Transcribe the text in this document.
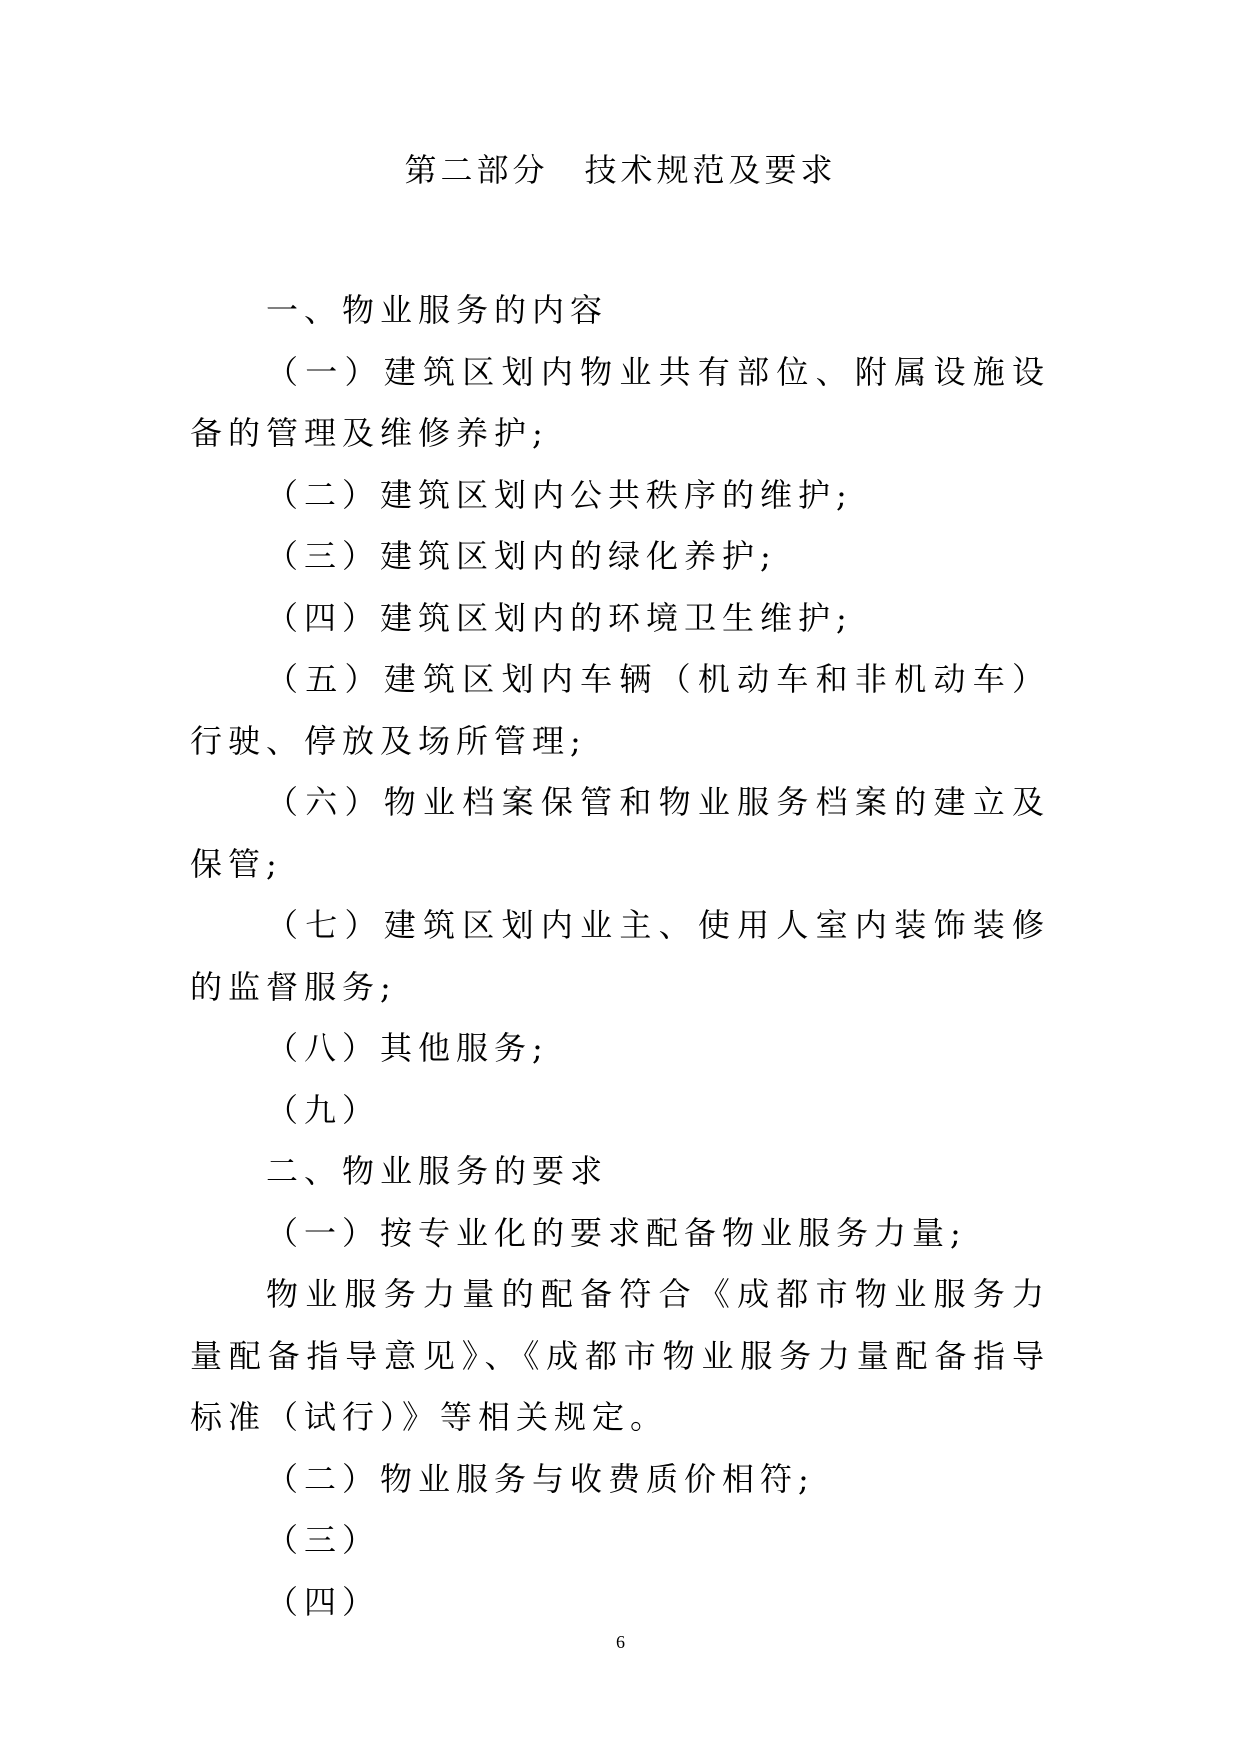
第二部分　技术规范及要求

一、物业服务的内容

（一）建筑区划内物业共有部位、附属设施设备的管理及维修养护;

（二）建筑区划内公共秩序的维护;

（三）建筑区划内的绿化养护;

（四）建筑区划内的环境卫生维护;

（五）建筑区划内车辆（机动车和非机动车）行驶、停放及场所管理;

（六）物业档案保管和物业服务档案的建立及保管;

（七）建筑区划内业主、使用人室内装饰装修的监督服务;

（八）其他服务;

（九）

二、物业服务的要求

（一）按专业化的要求配备物业服务力量;

物业服务力量的配备符合《成都市物业服务力量配备指导意见》、《成都市物业服务力量配备指导标准（试行）》等相关规定。

（二）物业服务与收费质价相符;

（三）

（四）

6
